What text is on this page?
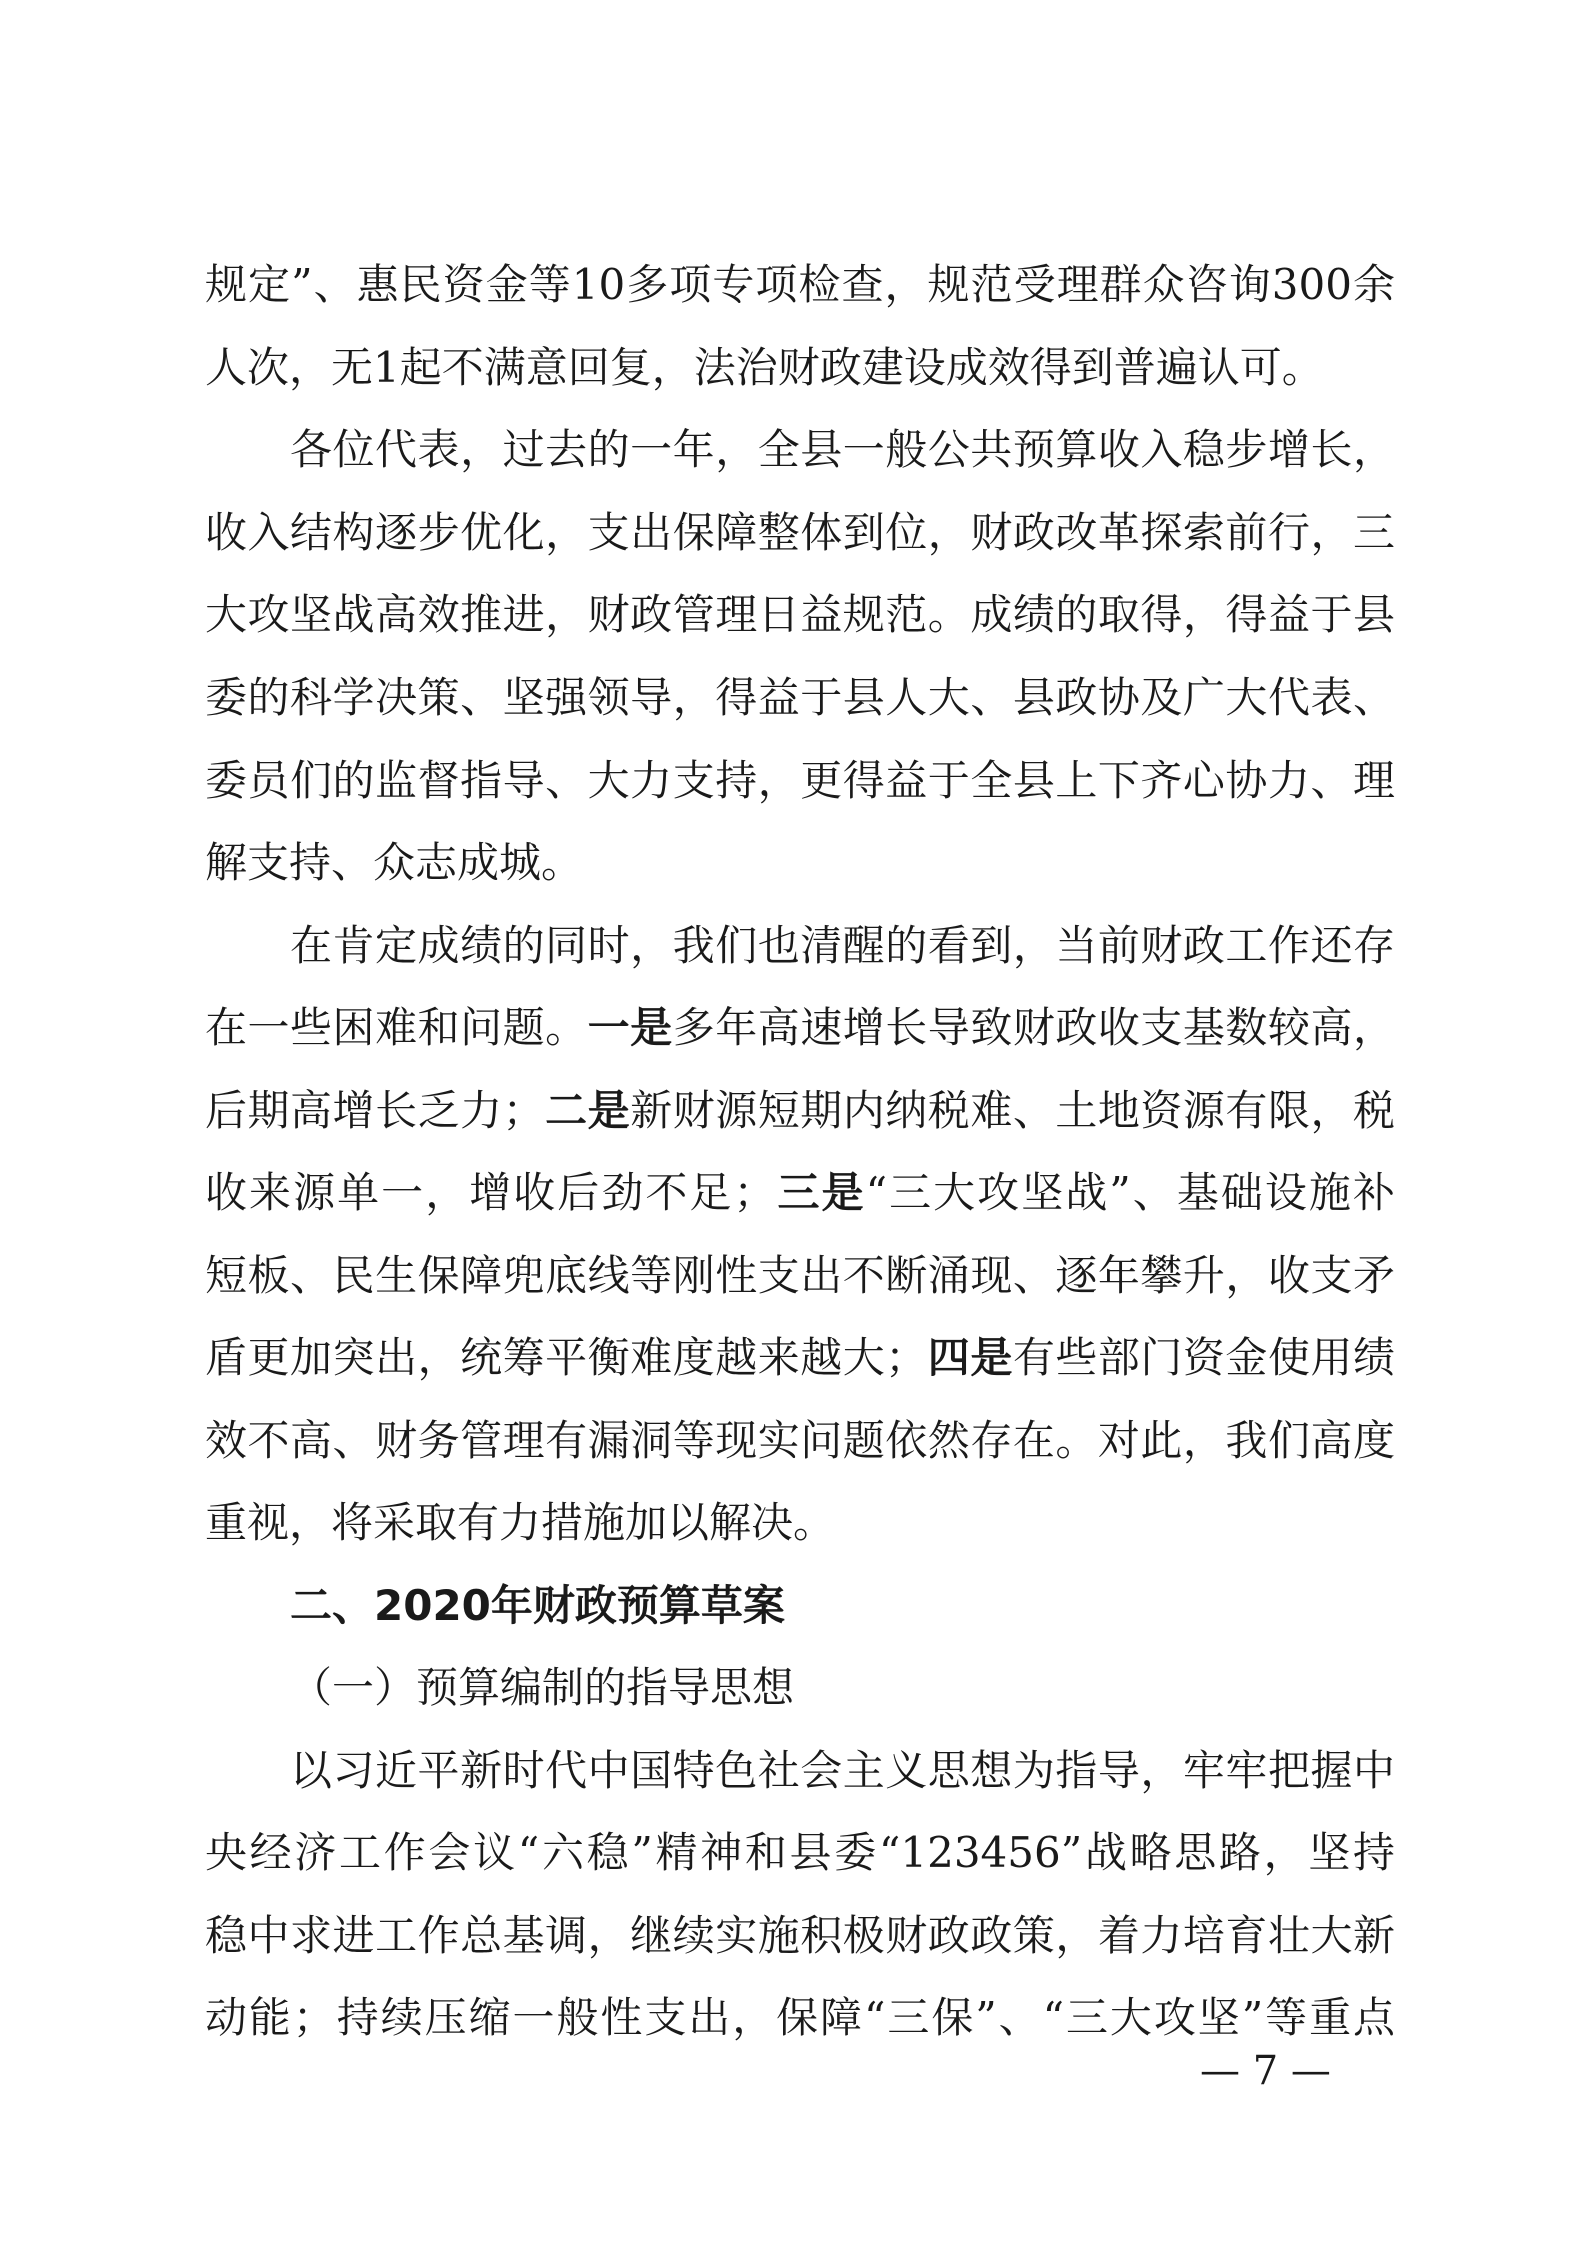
规定”、惠民资金等10多项专项检查，规范受理群众咨询300余
人次，无1起不满意回复，法治财政建设成效得到普遍认可。
各位代表，过去的一年，全县一般公共预算收入稳步增长，
收入结构逐步优化，支出保障整体到位，财政改革探索前行，三
大攻坚战高效推进，财政管理日益规范。成绩的取得，得益于县
委的科学决策、坚强领导，得益于县人大、县政协及广大代表、
委员们的监督指导、大力支持，更得益于全县上下齐心协力、理
解支持、众志成城。
在肯定成绩的同时，我们也清醒的看到，当前财政工作还存
在一些困难和问题。一是多年高速增长导致财政收支基数较高，
后期高增长乏力；二是新财源短期内纳税难、土地资源有限，税
收来源单一，增收后劲不足；三是“三大攻坚战”、基础设施补
短板、民生保障兜底线等刚性支出不断涌现、逐年攀升，收支矛
盾更加突出，统筹平衡难度越来越大；四是有些部门资金使用绩
效不高、财务管理有漏洞等现实问题依然存在。对此，我们高度
重视，将采取有力措施加以解决。
二、2020年财政预算草案
（一）预算编制的指导思想
以习近平新时代中国特色社会主义思想为指导，牢牢把握中
央经济工作会议“六稳”精神和县委“123456”战略思路，坚持
稳中求进工作总基调，继续实施积极财政政策，着力培育壮大新
动能；持续压缩一般性支出，保障“三保”、“三大攻坚”等重点
— 7 —
